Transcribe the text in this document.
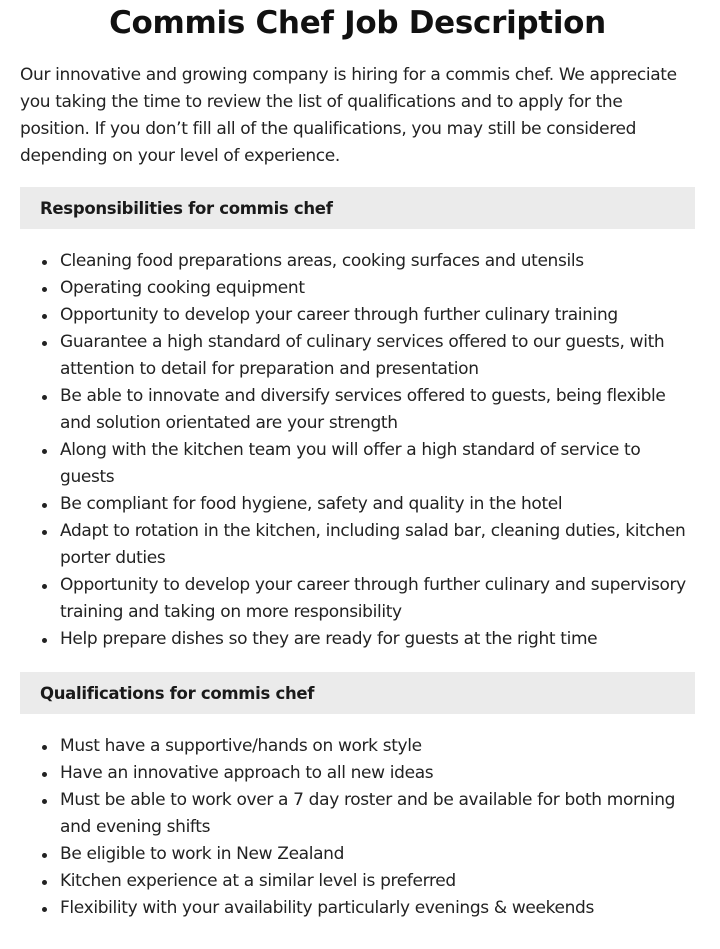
Commis Chef Job Description

Our innovative and growing company is hiring for a commis chef. We appreciate you taking the time to review the list of qualifications and to apply for the position. If you don’t fill all of the qualifications, you may still be considered depending on your level of experience.

Responsibilities for commis chef
Cleaning food preparations areas, cooking surfaces and utensils
Operating cooking equipment
Opportunity to develop your career through further culinary training
Guarantee a high standard of culinary services offered to our guests, with attention to detail for preparation and presentation
Be able to innovate and diversify services offered to guests, being flexible and solution orientated are your strength
Along with the kitchen team you will offer a high standard of service to guests
Be compliant for food hygiene, safety and quality in the hotel
Adapt to rotation in the kitchen, including salad bar, cleaning duties, kitchen porter duties
Opportunity to develop your career through further culinary and supervisory training and taking on more responsibility
Help prepare dishes so they are ready for guests at the right time
Qualifications for commis chef
Must have a supportive/hands on work style
Have an innovative approach to all new ideas
Must be able to work over a 7 day roster and be available for both morning and evening shifts
Be eligible to work in New Zealand
Kitchen experience at a similar level is preferred
Flexibility with your availability particularly evenings & weekends
